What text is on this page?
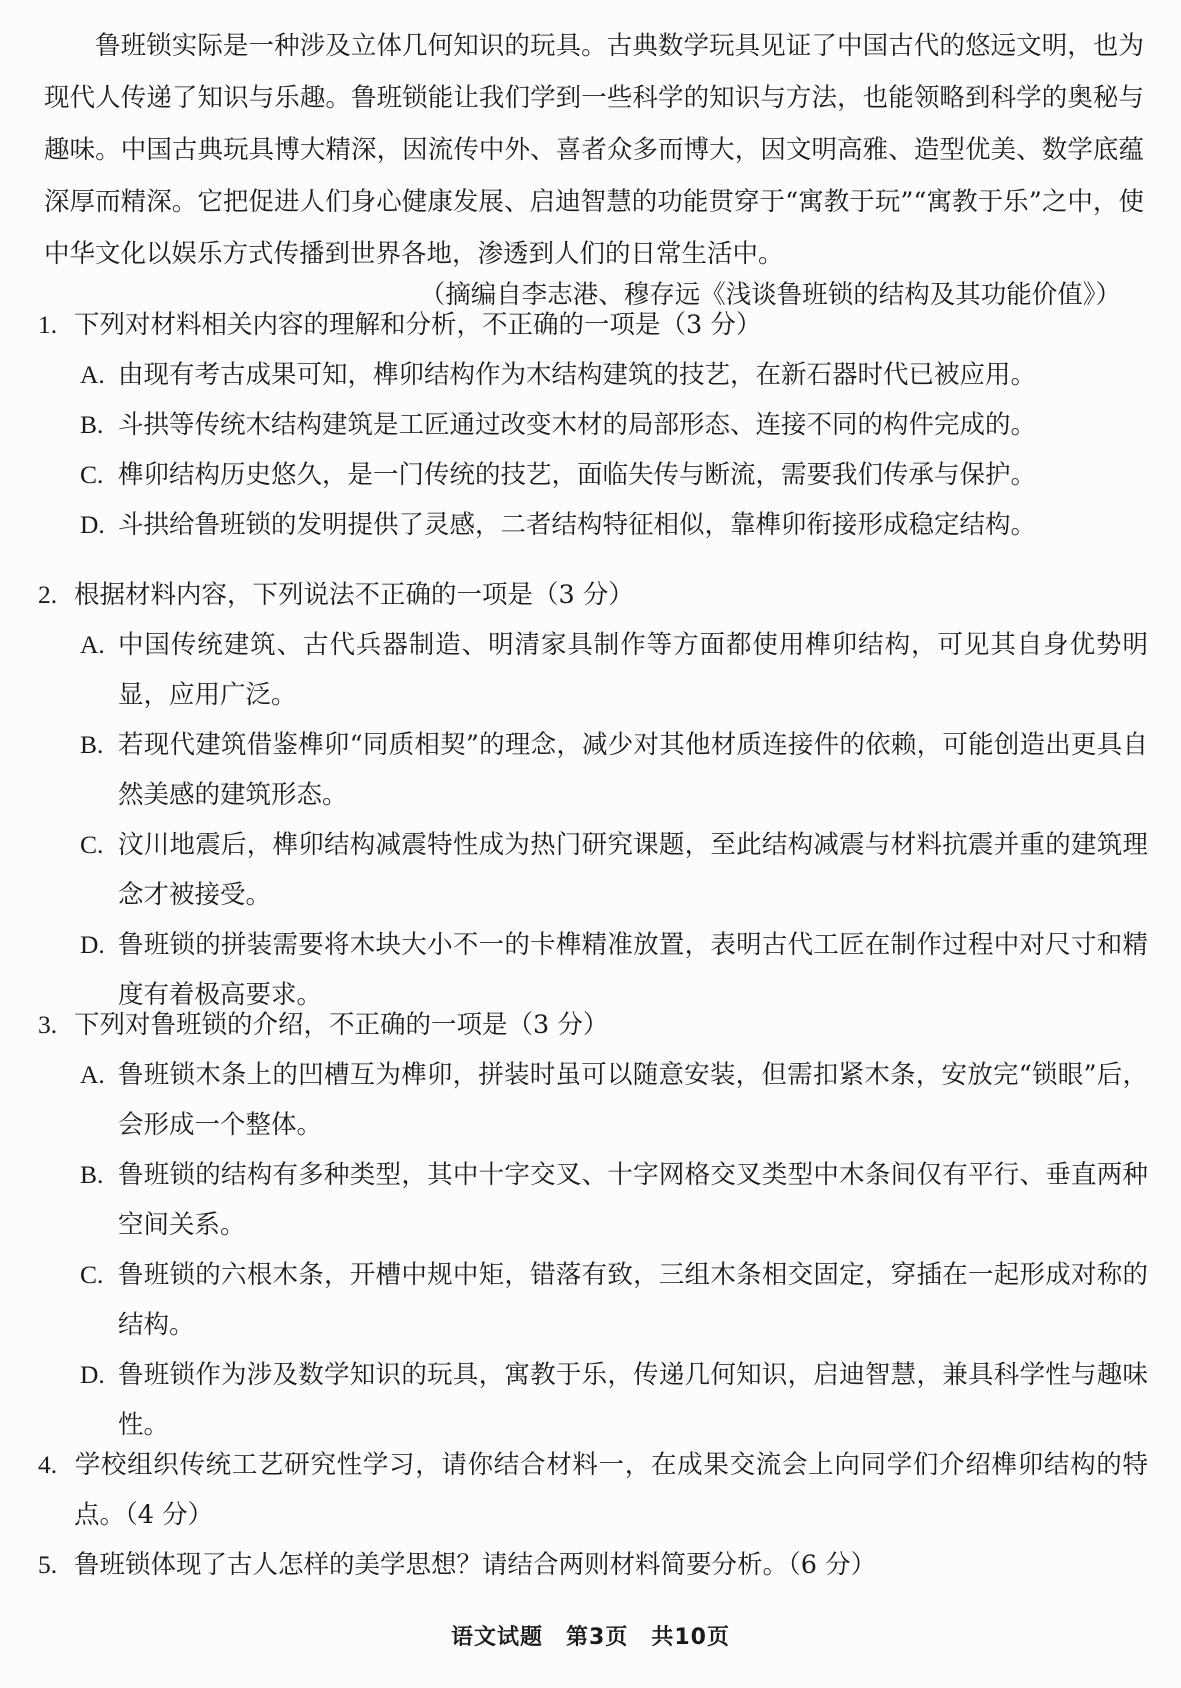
鲁班锁实际是一种涉及立体几何知识的玩具。古典数学玩具见证了中国古代的悠远文明，也为现代人传递了知识与乐趣。鲁班锁能让我们学到一些科学的知识与方法，也能领略到科学的奥秘与趣味。中国古典玩具博大精深，因流传中外、喜者众多而博大，因文明高雅、造型优美、数学底蕴深厚而精深。它把促进人们身心健康发展、启迪智慧的功能贯穿于“寓教于玩”“寓教于乐”之中，使中华文化以娱乐方式传播到世界各地，渗透到人们的日常生活中。
（摘编自李志港、穆存远《浅谈鲁班锁的结构及其功能价值》）
1. 下列对材料相关内容的理解和分析，不正确的一项是（3 分）
A. 由现有考古成果可知，榫卯结构作为木结构建筑的技艺，在新石器时代已被应用。
B. 斗拱等传统木结构建筑是工匠通过改变木材的局部形态、连接不同的构件完成的。
C. 榫卯结构历史悠久，是一门传统的技艺，面临失传与断流，需要我们传承与保护。
D. 斗拱给鲁班锁的发明提供了灵感，二者结构特征相似，靠榫卯衔接形成稳定结构。
2. 根据材料内容，下列说法不正确的一项是（3 分）
A. 中国传统建筑、古代兵器制造、明清家具制作等方面都使用榫卯结构，可见其自身优势明显，应用广泛。
B. 若现代建筑借鉴榫卯“同质相契”的理念，减少对其他材质连接件的依赖，可能创造出更具自然美感的建筑形态。
C. 汶川地震后，榫卯结构减震特性成为热门研究课题，至此结构减震与材料抗震并重的建筑理念才被接受。
D. 鲁班锁的拼装需要将木块大小不一的卡榫精准放置，表明古代工匠在制作过程中对尺寸和精度有着极高要求。
3. 下列对鲁班锁的介绍，不正确的一项是（3 分）
A. 鲁班锁木条上的凹槽互为榫卯，拼装时虽可以随意安装，但需扣紧木条，安放完“锁眼”后，会形成一个整体。
B. 鲁班锁的结构有多种类型，其中十字交叉、十字网格交叉类型中木条间仅有平行、垂直两种空间关系。
C. 鲁班锁的六根木条，开槽中规中矩，错落有致，三组木条相交固定，穿插在一起形成对称的结构。
D. 鲁班锁作为涉及数学知识的玩具，寓教于乐，传递几何知识，启迪智慧，兼具科学性与趣味性。
4. 学校组织传统工艺研究性学习，请你结合材料一，在成果交流会上向同学们介绍榫卯结构的特点。（4 分）
5. 鲁班锁体现了古人怎样的美学思想？请结合两则材料简要分析。（6 分）
语文试题　第3页　共10页
